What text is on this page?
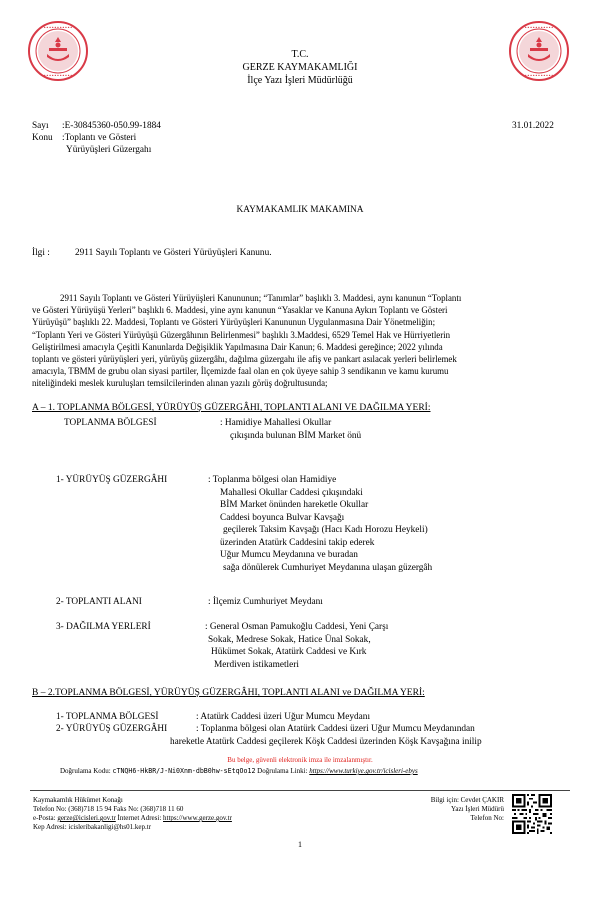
•••••••••••
•••••••••••
•••••••••••
•••••••••••
T.C.
GERZE KAYMAKAMLIĞI
İlçe Yazı İşleri Müdürlüğü
Sayı :E-30845360-050.99-1884
Konu :Toplantı ve Gösteri
Yürüyüşleri Güzergahı
31.01.2022
KAYMAKAMLIK MAKAMINA
İlgi :	2911 Sayılı Toplantı ve Gösteri Yürüyüşleri Kanunu.
2911 Sayılı Toplantı ve Gösteri Yürüyüşleri Kanununun; “Tanımlar” başlıklı 3. Maddesi, aynı kanunun “Toplantı
ve Gösteri Yürüyüşü Yerleri” başlıklı 6. Maddesi, yine aynı kanunun “Yasaklar ve Kanuna Aykırı Toplantı ve Gösteri
Yürüyüşü” başlıklı 22. Maddesi, Toplantı ve Gösteri Yürüyüşleri Kanununun Uygulanmasına Dair Yönetmeliğin;
“Toplantı Yeri ve Gösteri Yürüyüşü Güzergâhının Belirlenmesi” başlıklı 3.Maddesi, 6529 Temel Hak ve Hürriyetlerin
Geliştirilmesi amacıyla Çeşitli Kanunlarda Değişiklik Yapılmasına Dair Kanun; 6. Maddesi gereğince; 2022 yılında
toplantı ve gösteri yürüyüşleri yeri, yürüyüş güzergâhı, dağılma güzergahı ile afiş ve pankart asılacak yerleri belirlemek
amacıyla, TBMM de grubu olan siyasi partiler, İlçemizde faal olan en çok üyeye sahip 3 sendikanın ve kamu kurumu
niteliğindeki meslek kuruluşları temsilcilerinden alınan yazılı görüş doğrultusunda;
A – 1. TOPLANMA BÖLGESİ, YÜRÜYÜŞ GÜZERGÂHI, TOPLANTI ALANI VE DAĞILMA YERİ:
TOPLANMA BÖLGESİ	: Hamidiye Mahallesi Okullar
çıkışında bulunan BİM Market önü
1- YÜRÜYÜŞ GÜZERGÂHI	: Toplanma bölgesi olan Hamidiye
Mahallesi Okullar Caddesi çıkışındaki
BİM Market önünden hareketle Okullar
Caddesi boyunca Bulvar Kavşağı
geçilerek Taksim Kavşağı (Hacı Kadı Horozu Heykeli)
üzerinden Atatürk Caddesini takip ederek
Uğur Mumcu Meydanına ve buradan
sağa dönülerek Cumhuriyet Meydanına ulaşan güzergâh
2- TOPLANTI ALANI	: İlçemiz Cumhuriyet Meydanı
3- DAĞILMA YERLERİ	: General Osman Pamukoğlu Caddesi, Yeni Çarşı
Sokak, Medrese Sokak, Hatice Ünal Sokak,
Hükümet Sokak, Atatürk Caddesi ve Kırk
Merdiven istikametleri
B – 2.TOPLANMA BÖLGESİ, YÜRÜYÜŞ GÜZERGÂHI, TOPLANTI ALANI ve DAĞILMA YERİ:
1- TOPLANMA BÖLGESİ	: Atatürk Caddesi üzeri Uğur Mumcu Meydanı
2- YÜRÜYÜŞ GÜZERGÂHI	: Toplanma bölgesi olan Atatürk Caddesi üzeri Uğur Mumcu Meydanından
hareketle Atatürk Caddesi geçilerek Köşk Caddesi üzerinden Köşk Kavşağına inilip
Bu belge, güvenli elektronik imza ile imzalanmıştır.
Doğrulama Kodu: cTNQH6-HkBR/J-Ni0Xnm-dbB0hw-sEtqOo12 Doğrulama Linki: https://www.turkiye.gov.tr/icisleri-ebys
Kaymakamlık Hükümet Konağı
Telefon No: (368)718 15 94 Faks No: (368)718 11 60
e-Posta: gerze@icisleri.gov.tr İnternet Adresi: https://www.gerze.gov.tr
Kep Adresi: icisleribakanligi@hs01.kep.tr
Bilgi için: Cevdet ÇAKIR
Yazı İşleri Müdürü
Telefon No:
1
